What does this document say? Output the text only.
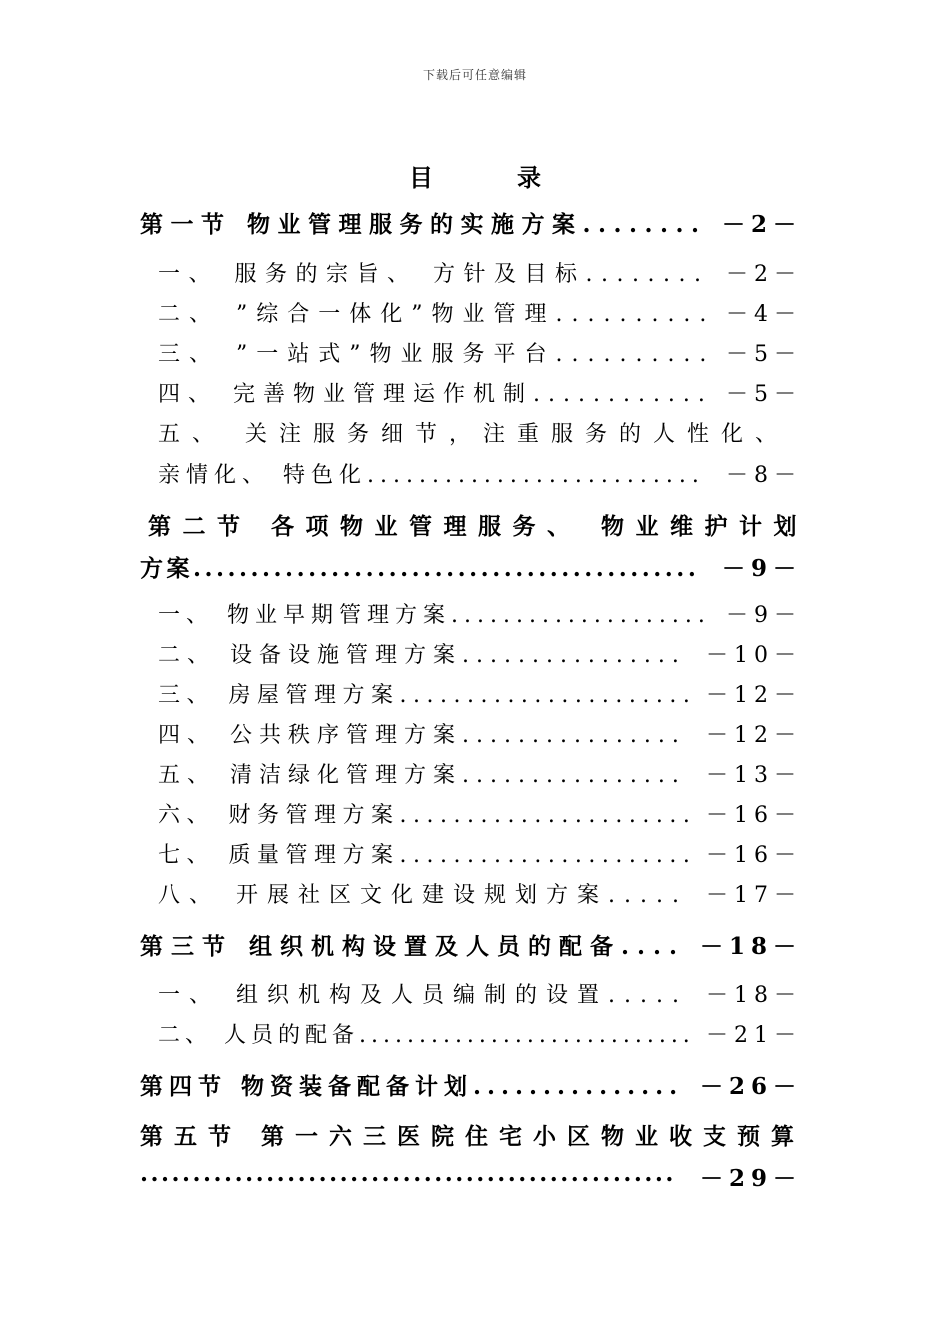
下载后可任意编辑
目	录
第一节 物业管理服务的实施方案........ －2－
一、 服务的宗旨、 方针及目标........ －2－
二、 ”综合一体化”物业管理.......... －4－
三、 ”一站式”物业服务平台.......... －5－
四、 完善物业管理运作机制............ －5－
五、 关注服务细节，注重服务的人性化、
亲情化、 特色化.......................... －8－
第二节 各项物业管理服务、 物业维护计划
方案............................................ －9－
一、 物业早期管理方案.................... －9－
二、 设备设施管理方案................ －10－
三、 房屋管理方案...................... －12－
四、 公共秩序管理方案................ －12－
五、 清洁绿化管理方案................ －13－
六、 财务管理方案...................... －16－
七、 质量管理方案...................... －16－
八、 开展社区文化建设规划方案..... －17－
第三节 组织机构设置及人员的配备.... －18－
一、 组织机构及人员编制的设置..... －18－
二、 人员的配备............................ －21－
第四节 物资装备配备计划............... －26－
第五节 第一六三医院住宅小区物业收支预算
................................................... －29－
